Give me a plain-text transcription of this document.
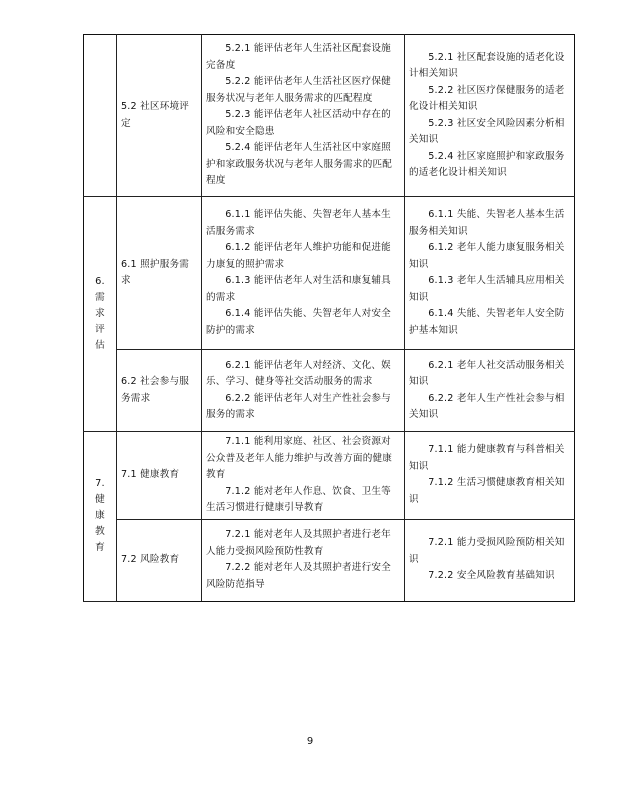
	5.2 社区环境评定	5.2.1 能评估老年人生活社区配套设施完备度
5.2.2 能评估老年人生活社区医疗保健服务状况与老年人服务需求的匹配程度
5.2.3 能评估老年人社区活动中存在的风险和安全隐患
5.2.4 能评估老年人生活社区中家庭照护和家政服务状况与老年人服务需求的匹配程度	5.2.1 社区配套设施的适老化设计相关知识
5.2.2 社区医疗保健服务的适老化设计相关知识
5.2.3 社区安全风险因素分析相关知识
5.2.4 社区家庭照护和家政服务的适老化设计相关知识

6.需求评估	6.1 照护服务需求	6.1.1 能评估失能、失智老年人基本生活服务需求
6.1.2 能评估老年人维护功能和促进能力康复的照护需求
6.1.3 能评估老年人对生活和康复辅具的需求
6.1.4 能评估失能、失智老年人对安全防护的需求	6.1.1 失能、失智老人基本生活服务相关知识
6.1.2 老年人能力康复服务相关知识
6.1.3 老年人生活辅具应用相关知识
6.1.4 失能、失智老年人安全防护基本知识

	6.2 社会参与服务需求	6.2.1 能评估老年人对经济、文化、娱乐、学习、健身等社交活动服务的需求
6.2.2 能评估老年人对生产性社会参与服务的需求	6.2.1 老年人社交活动服务相关知识
6.2.2 老年人生产性社会参与相关知识

7.健康教育	7.1 健康教育	7.1.1 能利用家庭、社区、社会资源对公众普及老年人能力维护与改善方面的健康教育
7.1.2 能对老年人作息、饮食、卫生等生活习惯进行健康引导教育	7.1.1 能力健康教育与科普相关知识
7.1.2 生活习惯健康教育相关知识

	7.2 风险教育	7.2.1 能对老年人及其照护者进行老年人能力受损风险预防性教育
7.2.2 能对老年人及其照护者进行安全风险防范指导	7.2.1 能力受损风险预防相关知识
7.2.2 安全风险教育基础知识
9
